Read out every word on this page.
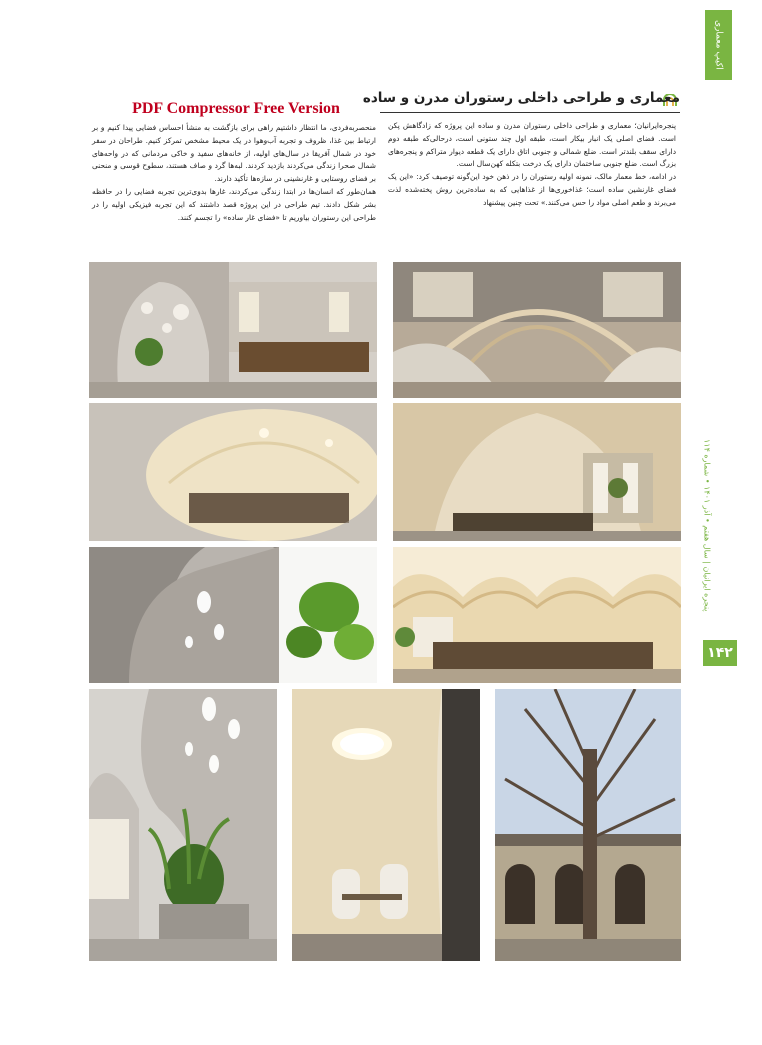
اکیپ معماری
پنجره ایرانیان | سال هفتم • آذر ۱۴۰۱ • شماره ۱۱۴
۱۴۲
معماری و طراحی داخلی رستوران مدرن و ساده
PDF Compressor Free Version

پنجره‌ایرانیان؛ معماری و طراحی داخلی رستوران مدرن و ساده این پروژه که زادگاهش پکن است. فضای اصلی یک انبار بیکار است، طبقه اول چند ستونی است، درحالی‌که طبقه دوم دارای سقف بلندتر است. ضلع شمالی و جنوبی اتاق دارای یک قطعه دیوار متراکم و پنجره‌های بزرگ است. ضلع جنوبی ساختمان دارای یک درخت بتکله کهن‌سال است.

در ادامه، خط معمار مالک، نمونه اولیه رستوران را در ذهن خود این‌گونه توصیف کرد: «این یک فضای غارنشین ساده است؛ غذاخوری‌ها از غذاهایی که به ساده‌ترین روش پخته‌شده لذت می‌برند و طعم اصلی مواد را حس می‌کنند.» تحت چنین پیشنهاد

منحصربه‌فردی، ما انتظار داشتیم راهی برای بازگشت به منشأ احساس فضایی پیدا کنیم و بر ارتباط بین غذا، ظروف و تجربه آب‌وهوا در یک محیط مشخص تمرکز کنیم. طراحان در سفر خود در شمال آفریقا در سال‌های اولیه، از خانه‌های سفید و خاکی مردمانی که در واحه‌های شمال صحرا زندگی می‌کردند بازدید کردند. لبه‌ها گرد و صاف هستند، سطوح قوسی و منحنی بر فضای روستایی و غارنشینی در سازه‌ها تأکید دارند.

همان‌طور که انسان‌ها در ابتدا زندگی می‌کردند، غارها بدوی‌ترین تجربه فضایی را در حافظه بشر شکل دادند. تیم طراحی در این پروژه قصد داشتند که این تجربه فیزیکی اولیه را در طراحی این رستوران بیاوریم تا «فضای غار ساده» را تجسم کنند.
